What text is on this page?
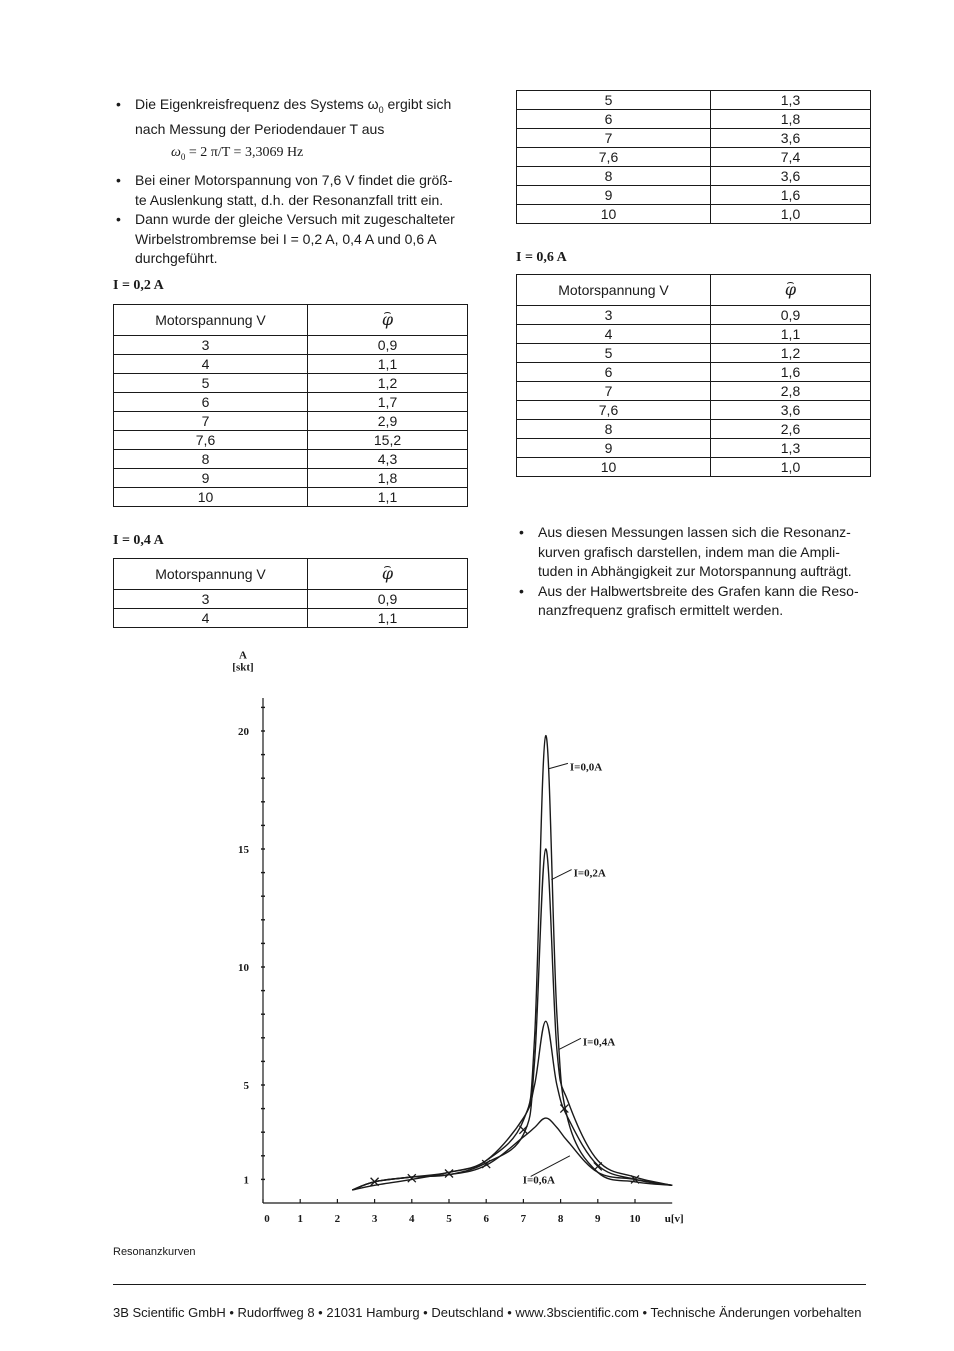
• Die Eigenkreisfrequenz des Systems $\omega_0$ ergibt sich
nach Messung der Periodendauer T aus
$\omega_0 = 2$ π/T = 3,3069 Hz
• Bei einer Motorspannung von 7,6 V findet die größ-
te Auslenkung statt, d.h. der Resonanzfall tritt ein.
• Dann wurde der gleiche Versuch mit zugeschalteter
Wirbelstrombremse bei I = 0,2 A, 0,4 A und 0,6 A
durchgeführt.
I = 0,2 A
Motorspannung V	⌢ φ
3	0,9
4	1,1
5	1,2
6	1,7
7	2,9
7,6	15,2
8	4,3
9	1,8
10	1,1
I = 0,4 A
Motorspannung V	⌢ φ
3	0,9
4	1,1
5	1,3
6	1,8
7	3,6
7,6	7,4
8	3,6
9	1,6
10	1,0
I = 0,6 A
Motorspannung V	⌢ φ
3	0,9
4	1,1
5	1,2
6	1,6
7	2,8
7,6	3,6
8	2,6
9	1,3
10	1,0
• Aus diesen Messungen lassen sich die Resonanz-
kurven grafisch darstellen, indem man die Ampli-
tuden in Abhängigkeit zur Motorspannung aufträgt.
• Aus der Halbwertsbreite des Grafen kann die Reso-
nanzfrequenz grafisch ermittelt werden.
1
5
10
15
20
0	1	2	3	4	5	6	7	8	9	10
A
[skt]
u[v]
I=0,0A
I=0,2A
I=0,4A
I=0,6A
Resonanzkurven
3B Scientific GmbH • Rudorffweg 8 • 21031 Hamburg • Deutschland • www.3bscientific.com • Technische Änderungen vorbehalten
